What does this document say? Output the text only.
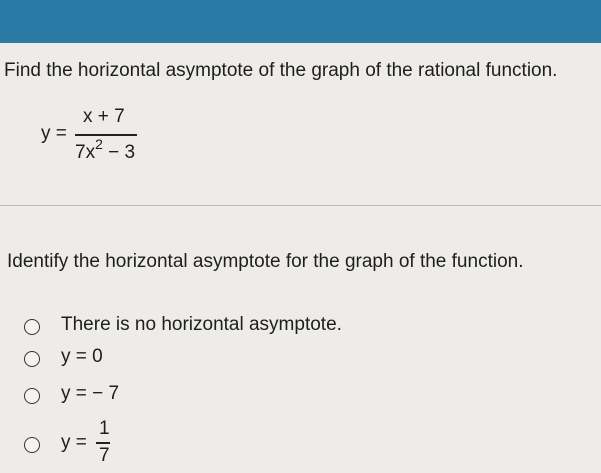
Find the horizontal asymptote of the graph of the rational function.
y =
x + 7
$7x^2 - 3$
Identify the horizontal asymptote for the graph of the function.
There is no horizontal asymptote.
y = 0
y = − 7
y =
1
7
